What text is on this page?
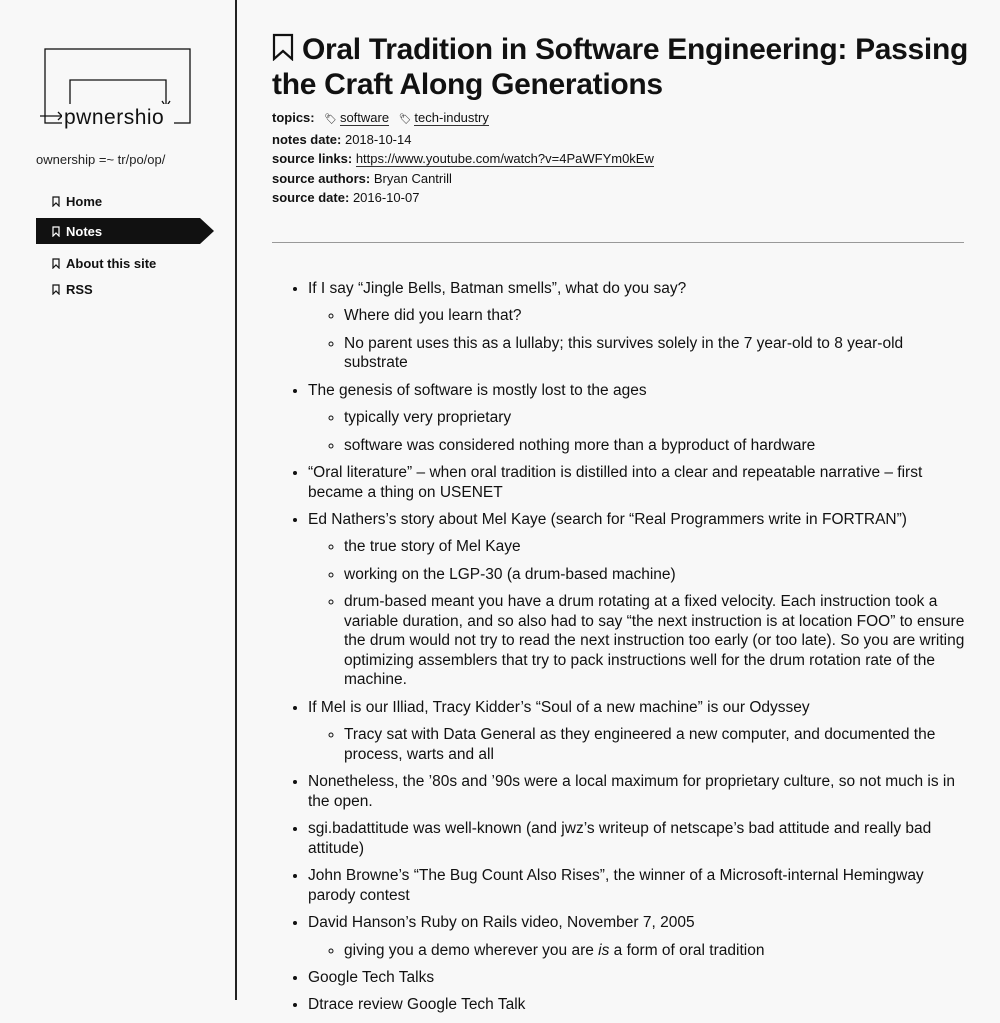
pwnershio
ownership =~ tr/po/op/
Home
Notes
About this site
RSS
Oral Tradition in Software Engineering: Passing the Craft Along Generations
topics: 🏷︎ software 🏷︎ tech-industry
notes date: 2018-10-14
source links: https://www.youtube.com/watch?v=4PaWFYm0kEw
source authors: Bryan Cantrill
source date: 2016-10-07
• If I say “Jingle Bells, Batman smells”, what do you say?
◦ Where did you learn that?
◦ No parent uses this as a lullaby; this survives solely in the 7 year-old to 8 year-old substrate
• The genesis of software is mostly lost to the ages
◦ typically very proprietary
◦ software was considered nothing more than a byproduct of hardware
• “Oral literature” – when oral tradition is distilled into a clear and repeatable narrative – first became a thing on USENET
• Ed Nathers’s story about Mel Kaye (search for “Real Programmers write in FORTRAN”)
◦ the true story of Mel Kaye
◦ working on the LGP-30 (a drum-based machine)
◦ drum-based meant you have a drum rotating at a fixed velocity. Each instruction took a variable duration, and so also had to say “the next instruction is at location FOO” to ensure the drum would not try to read the next instruction too early (or too late). So you are writing optimizing assemblers that try to pack instructions well for the drum rotation rate of the machine.
• If Mel is our Illiad, Tracy Kidder’s “Soul of a new machine” is our Odyssey
◦ Tracy sat with Data General as they engineered a new computer, and documented the process, warts and all
• Nonetheless, the ’80s and ’90s were a local maximum for proprietary culture, so not much is in the open.
• sgi.badattitude was well-known (and jwz’s writeup of netscape’s bad attitude and really bad attitude)
• John Browne’s “The Bug Count Also Rises”, the winner of a Microsoft-internal Hemingway parody contest
• David Hanson’s Ruby on Rails video, November 7, 2005
◦ giving you a demo wherever you are is a form of oral tradition
• Google Tech Talks
• Dtrace review Google Tech Talk
